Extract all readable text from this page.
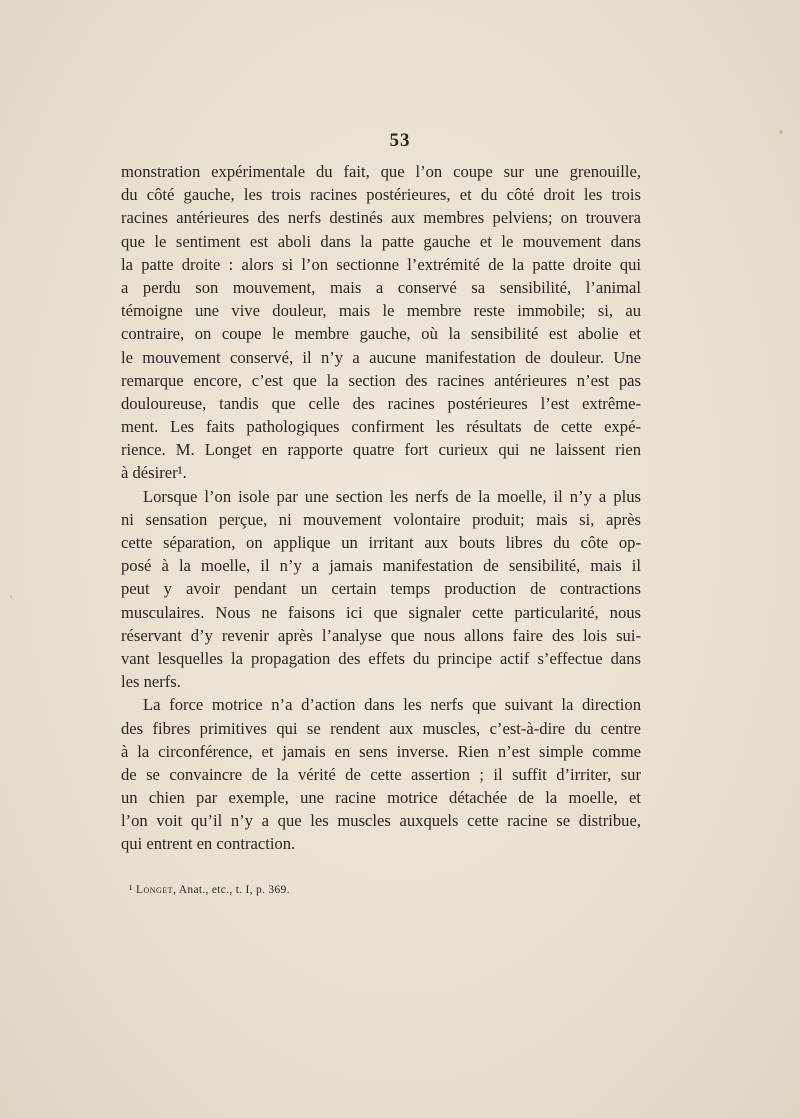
53
monstration expérimentale du fait, que l’on coupe sur une grenouille,
du côté gauche, les trois racines postérieures, et du côté droit les trois
racines antérieures des nerfs destinés aux membres pelviens; on trouvera
que le sentiment est aboli dans la patte gauche et le mouvement dans
la patte droite : alors si l’on sectionne l’extrémité de la patte droite qui
a perdu son mouvement, mais a conservé sa sensibilité, l’animal
témoigne une vive douleur, mais le membre reste immobile; si, au
contraire, on coupe le membre gauche, où la sensibilité est abolie et
le mouvement conservé, il n’y a aucune manifestation de douleur. Une
remarque encore, c’est que la section des racines antérieures n’est pas
douloureuse, tandis que celle des racines postérieures l’est extrême-
ment. Les faits pathologiques confirment les résultats de cette expé-
rience. M. Longet en rapporte quatre fort curieux qui ne laissent rien
à désirer¹.
Lorsque l’on isole par une section les nerfs de la moelle, il n’y a plus
ni sensation perçue, ni mouvement volontaire produit; mais si, après
cette séparation, on applique un irritant aux bouts libres du côte op-
posé à la moelle, il n’y a jamais manifestation de sensibilité, mais il
peut y avoir pendant un certain temps production de contractions
musculaires. Nous ne faisons ici que signaler cette particularité, nous
réservant d’y revenir après l’analyse que nous allons faire des lois sui-
vant lesquelles la propagation des effets du principe actif s’effectue dans
les nerfs.
La force motrice n’a d’action dans les nerfs que suivant la direction
des fibres primitives qui se rendent aux muscles, c’est-à-dire du centre
à la circonférence, et jamais en sens inverse. Rien n’est simple comme
de se convaincre de la vérité de cette assertion ; il suffit d’irriter, sur
un chien par exemple, une racine motrice détachée de la moelle, et
l’on voit qu’il n’y a que les muscles auxquels cette racine se distribue,
qui entrent en contraction.
¹ Longet, Anat., etc., t. I, p. 369.
